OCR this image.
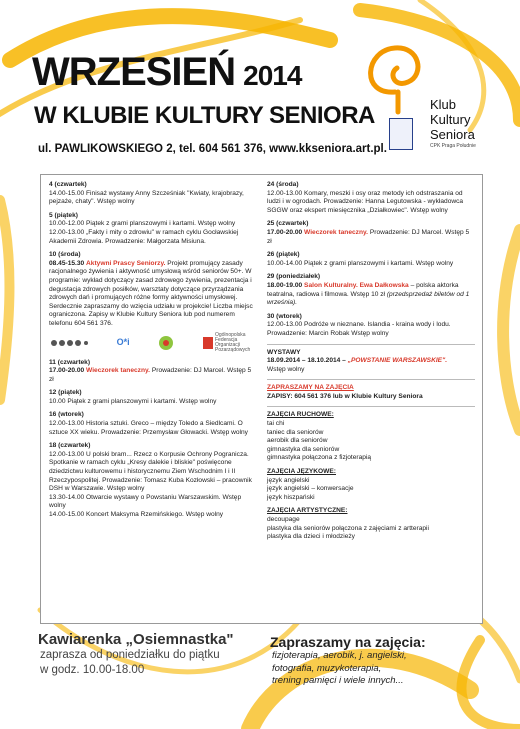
WRZESIEŃ 2014
W KLUBIE KULTURY SENIORA
ul. PAWLIKOWSKIEGO 2, tel. 604 561 376, www.kkseniora.art.pl.
Klub
Kultury
Seniora
CPK Praga Południe
4 (czwartek)
14.00-15.00 Finisaż wystawy Anny Szcześniak "Kwiaty, krajobrazy, pejzaże, chaty". Wstęp wolny
5 (piątek)
10.00-12.00 Piątek z grami planszowymi i kartami. Wstęp wolny
12.00-13.00 „Fakty i mity o zdrowiu" w ramach cyklu Gocławskiej Akademii Zdrowia. Prowadzenie: Małgorzata Misiuna.
10 (środa)
08.45-15.30 Aktywni Prascy Seniorzy. Projekt promujący zasady racjonalnego żywienia i aktywność umysłową wśród seniorów 50+. W programie: wykład dotyczący zasad zdrowego żywienia, prezentacja i degustacja zdrowych posiłków, warsztaty dotyczące przyrządzania zdrowych dań i promujących różne formy aktywności umysłowej. Serdecznie zapraszamy do wzięcia udziału w projekcie! Liczba miejsc ograniczona. Zapisy w Klubie Kultury Seniora lub pod numerem telefonu 604 561 376.
O*i
Ogólnopolska Federacja Organizacji Pozarządowych
11 (czwartek)
17.00-20.00 Wieczorek taneczny. Prowadzenie: DJ Marcel. Wstęp 5 zł
12 (piątek)
10.00 Piątek z grami planszowymi i kartami. Wstęp wolny
16 (wtorek)
12.00-13.00 Historia sztuki. Greco – między Toledo a Siedlcami. O sztuce XX wieku. Prowadzenie: Przemysław Głowacki. Wstęp wolny
18 (czwartek)
12.00-13.00 U polski bram... Rzecz o Korpusie Ochrony Pogranicza. Spotkanie w ramach cyklu „Kresy dalekie i bliskie" poświęcone dziedzictwu kulturowemu i historycznemu Ziem Wschodnim I i II Rzeczypospolitej. Prowadzenie: Tomasz Kuba Kozłowski – pracownik DSH w Warszawie. Wstęp wolny
13.30-14.00 Otwarcie wystawy o Powstaniu Warszawskim. Wstęp wolny
14.00-15.00 Koncert Maksyma Rzemińskiego. Wstęp wolny
24 (środa)
12.00-13.00 Komary, meszki i osy oraz metody ich odstraszania od ludzi i w ogrodach. Prowadzenie: Hanna Legutowska - wykładowca SGGW oraz ekspert miesięcznika „Działkowiec". Wstęp wolny
25 (czwartek)
17.00-20.00 Wieczorek taneczny. Prowadzenie: DJ Marcel. Wstęp 5 zł
26 (piątek)
10.00-14.00 Piątek z grami planszowymi i kartami. Wstęp wolny
29 (poniedziałek)
18.00-19.00 Salon Kulturalny. Ewa Dałkowska – polska aktorka teatralna, radiowa i filmowa. Wstęp 10 zł (przedsprzedaż biletów od 1 września).
30 (wtorek)
12.00-13.00 Podróże w nieznane. Islandia - kraina wody i lodu. Prowadzenie: Marcin Robak Wstęp wolny
WYSTAWY
18.09.2014 – 18.10.2014 – „POWSTANIE WARSZAWSKIE".
Wstęp wolny
ZAPRASZAMY NA ZAJĘCIA
ZAPISY: 604 561 376 lub w Klubie Kultury Seniora
ZAJĘCIA RUCHOWE:
tai chi
taniec dla seniorów
aerobik dla seniorów
gimnastyka dla seniorów
gimnastyka połączona z fizjoterapią
ZAJĘCIA JĘZYKOWE:
język angielski
język angielski – konwersacje
język hiszpański
ZAJĘCIA ARTYSTYCZNE:
decoupage
plastyka dla seniorów połączona z zajęciami z artterapii
plastyka dla dzieci i młodzieży
Kawiarenka „Osiemnastka"
zaprasza od poniedziałku do piątku
w godz. 10.00-18.00
Zapraszamy na zajęcia:
fizjoterapia, aerobik, j. angielski,
fotografia, muzykoterapia,
trening pamięci i wiele innych...
